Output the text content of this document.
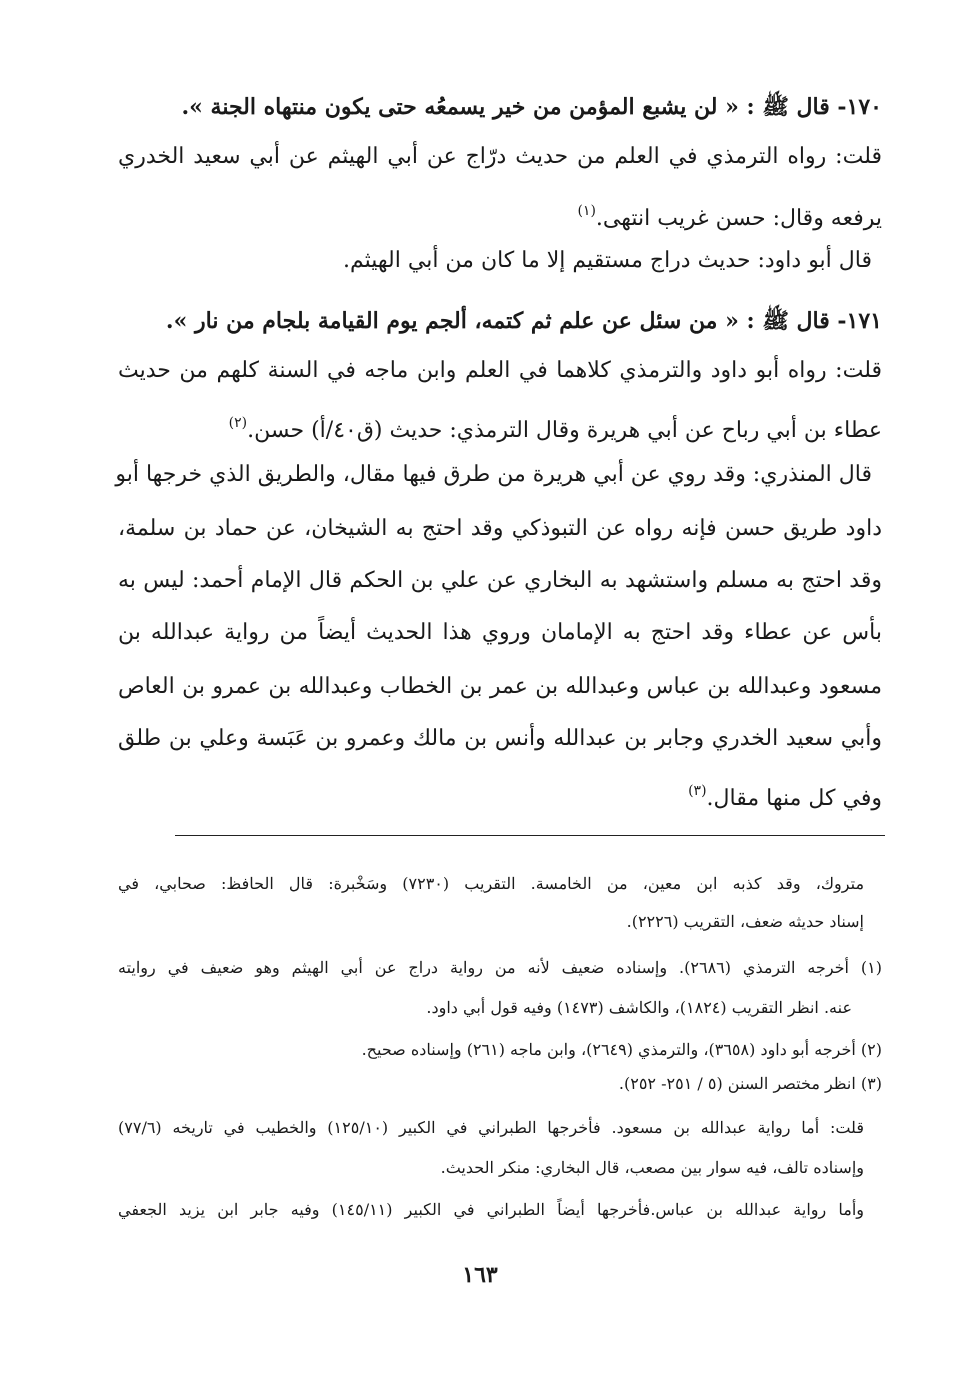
١٧٠- قال ﷺ : « لن يشبع المؤمن من خير يسمعُه حتى يكون منتهاه الجنة ».
قلت: رواه الترمذي في العلم من حديث درّاج عن أبي الهيثم عن أبي سعيد الخدري
يرفعه وقال: حسن غريب انتهى.$^{(١)}$
قال أبو داود: حديث دراج مستقيم إلا ما كان من أبي الهيثم.
١٧١- قال ﷺ : « من سئل عن علم ثم كتمه، ألجم يوم القيامة بلجام من نار ».
قلت: رواه أبو داود والترمذي كلاهما في العلم وابن ماجه في السنة كلهم من حديث
عطاء بن أبي رباح عن أبي هريرة وقال الترمذي: حديث (ق٤٠/أ) حسن.$^{(٢)}$
قال المنذري: وقد روي عن أبي هريرة من طرق فيها مقال، والطريق الذي خرجها أبو
داود طريق حسن فإنه رواه عن التبوذكي وقد احتج به الشيخان، عن حماد بن سلمة،
وقد احتج به مسلم واستشهد به البخاري عن علي بن الحكم قال الإمام أحمد: ليس به
بأس عن عطاء وقد احتج به الإمامان وروي هذا الحديث أيضاً من رواية عبدالله بن
مسعود وعبدالله بن عباس وعبدالله بن عمر بن الخطاب وعبدالله بن عمرو بن العاص
وأبي سعيد الخدري وجابر بن عبدالله وأنس بن مالك وعمرو بن عَبَسة وعلي بن طلق
وفي كل منها مقال.$^{(٣)}$
متروك، وقد كذبه ابن معين، من الخامسة. التقريب (٧٢٣٠) وسَخْبرة: قال الحافظ: صحابي، في
إسناد حديثه ضعف، التقريب (٢٢٢٦).
(١) أخرجه الترمذي (٢٦٨٦). وإسناده ضعيف لأنه من رواية دراج عن أبي الهيثم وهو ضعيف في روايته
عنه. انظر التقريب (١٨٢٤)، والكاشف (١٤٧٣) وفيه قول أبي داود.
(٢) أخرجه أبو داود (٣٦٥٨)، والترمذي (٢٦٤٩)، وابن ماجه (٢٦١) وإسناده صحيح.
(٣) انظر مختصر السنن (٥ / ٢٥١- ٢٥٢).
قلت: أما رواية عبدالله بن مسعود. فأخرجها الطبراني في الكبير (١٢٥/١٠) والخطيب في تاريخه (٧٧/٦)
وإسناده تالف، فيه سوار بين مصعب، قال البخاري: منكر الحديث.
وأما رواية عبدالله بن عباس.فأخرجها أيضاً الطبراني في الكبير (١٤٥/١١) وفيه جابر ابن يزيد الجعفي
١٦٣
